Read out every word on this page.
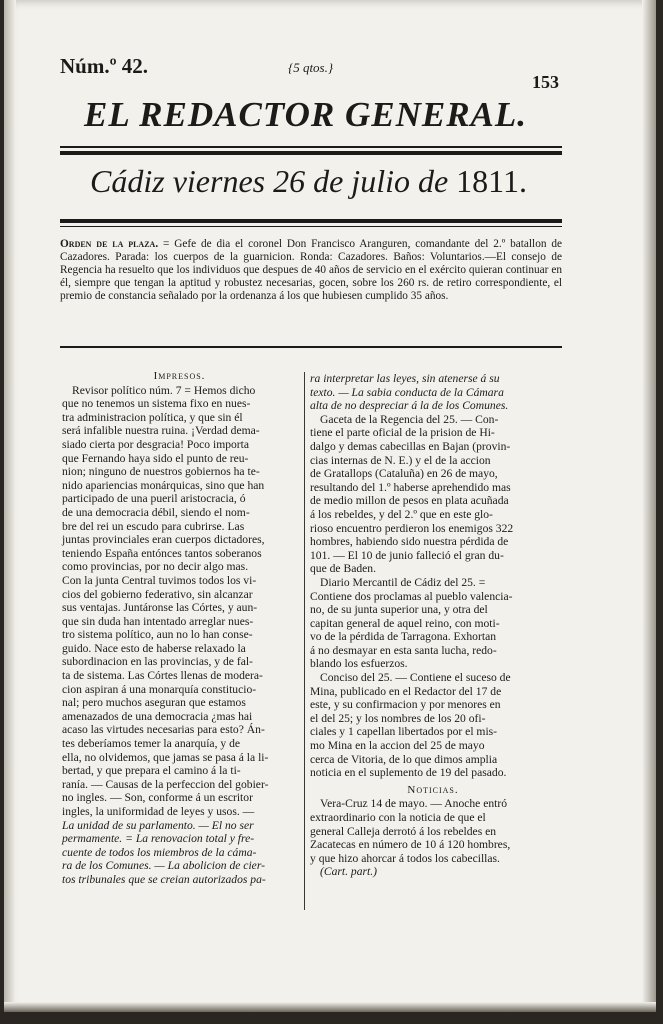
Núm.º 42.	{5 qtos.}
153
EL REDACTOR GENERAL.
Cádiz viernes 26 de julio de 1811.
Orden de la plaza. = Gefe de dia el coronel Don Francisco Aranguren, comandante del 2.º batallon de Cazadores. Parada: los cuerpos de la guarnicion. Ronda: Cazadores. Baños: Voluntarios.—El consejo de Regencia ha resuelto que los individuos que despues de 40 años de servicio en el exército quieran continuar en él, siempre que tengan la aptitud y robustez necesarias, gocen, sobre los 260 rs. de retiro correspondiente, el premio de constancia señalado por la ordenanza á los que hubiesen cumplido 35 años.
Impresos.
Revisor político núm. 7 = Hemos dicho
que no tenemos un sistema fixo en nues-
tra administracion política, y que sin él
será infalible nuestra ruina. ¡Verdad dema-
siado cierta por desgracia! Poco importa
que Fernando haya sido el punto de reu-
nion; ninguno de nuestros gobiernos ha te-
nido apariencias monárquicas, sino que han
participado de una pueril aristocracia, ó
de una democracia débil, siendo el nom-
bre del rei un escudo para cubrirse. Las
juntas provinciales eran cuerpos dictadores,
teniendo España entónces tantos soberanos
como provincias, por no decir algo mas.
Con la junta Central tuvimos todos los vi-
cios del gobierno federativo, sin alcanzar
sus ventajas. Juntáronse las Córtes, y aun-
que sin duda han intentado arreglar nues-
tro sistema político, aun no lo han conse-
guido. Nace esto de haberse relaxado la
subordinacion en las provincias, y de fal-
ta de sistema. Las Córtes llenas de modera-
cion aspiran á una monarquía constitucio-
nal; pero muchos aseguran que estamos
amenazados de una democracia ¿mas hai
acaso las virtudes necesarias para esto? Án-
tes deberíamos temer la anarquía, y de
ella, no olvidemos, que jamas se pasa á la li-
bertad, y que prepara el camino á la ti-
ranía. — Causas de la perfeccion del gobier-
no ingles. — Son, conforme á un escritor
ingles, la uniformidad de leyes y usos. —
La unidad de su parlamento. — El no ser
permamente. = La renovacion total y fre-
cuente de todos los miembros de la cáma-
ra de los Comunes. — La abolicion de cier-
tos tribunales que se creian autorizados pa-
ra interpretar las leyes, sin atenerse á su
texto. — La sabia conducta de la Cámara
alta de no despreciar á la de los Comunes.
Gaceta de la Regencia del 25. — Con-
tiene el parte oficial de la prision de Hi-
dalgo y demas cabecillas en Bajan (provin-
cias internas de N. E.) y el de la accion
de Gratallops (Cataluña) en 26 de mayo,
resultando del 1.º haberse aprehendido mas
de medio millon de pesos en plata acuñada
á los rebeldes, y del 2.º que en este glo-
rioso encuentro perdieron los enemigos 322
hombres, habiendo sido nuestra pérdida de
101. — El 10 de junio falleció el gran du-
que de Baden.
Diario Mercantil de Cádiz del 25. =
Contiene dos proclamas al pueblo valencia-
no, de su junta superior una, y otra del
capitan general de aquel reino, con moti-
vo de la pérdida de Tarragona. Exhortan
á no desmayar en esta santa lucha, redo-
blando los esfuerzos.
Conciso del 25. — Contiene el suceso de
Mina, publicado en el Redactor del 17 de
este, y su confirmacion y por menores en
el del 25; y los nombres de los 20 ofi-
ciales y 1 capellan libertados por el mis-
mo Mina en la accion del 25 de mayo
cerca de Vitoria, de lo que dimos amplia
noticia en el suplemento de 19 del pasado.
Noticias.
Vera-Cruz 14 de mayo. — Anoche entró
extraordinario con la noticia de que el
general Calleja derrotó á los rebeldes en
Zacatecas en número de 10 á 120 hombres,
y que hizo ahorcar á todos los cabecillas.
(Cart. part.)
